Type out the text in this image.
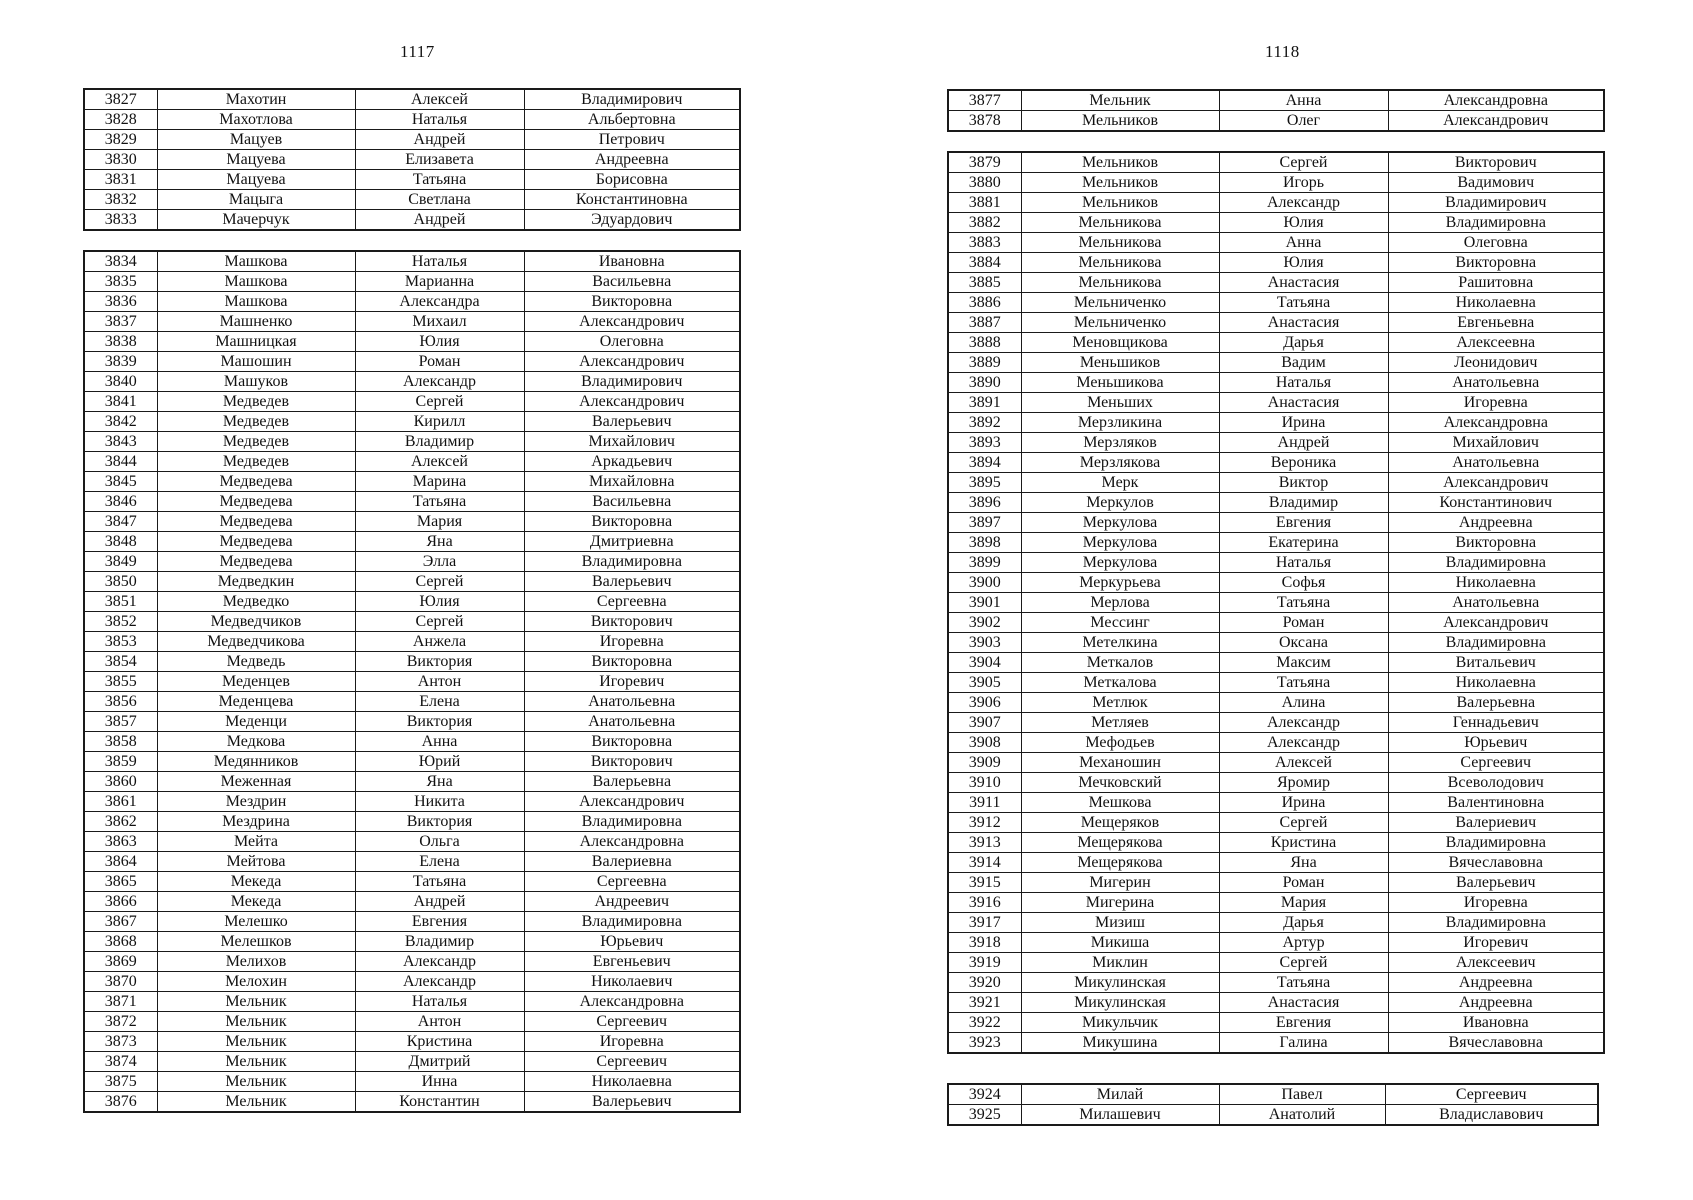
1117	1118
3827	Махотин	Алексей	Владимирович
3828	Махотлова	Наталья	Альбертовна
3829	Мацуев	Андрей	Петрович
3830	Мацуева	Елизавета	Андреевна
3831	Мацуева	Татьяна	Борисовна
3832	Мацыга	Светлана	Константиновна
3833	Мачерчук	Андрей	Эдуардович
3834	Машкова	Наталья	Ивановна
3835	Машкова	Марианна	Васильевна
3836	Машкова	Александра	Викторовна
3837	Машненко	Михаил	Александрович
3838	Машницкая	Юлия	Олеговна
3839	Машошин	Роман	Александрович
3840	Машуков	Александр	Владимирович
3841	Медведев	Сергей	Александрович
3842	Медведев	Кирилл	Валерьевич
3843	Медведев	Владимир	Михайлович
3844	Медведев	Алексей	Аркадьевич
3845	Медведева	Марина	Михайловна
3846	Медведева	Татьяна	Васильевна
3847	Медведева	Мария	Викторовна
3848	Медведева	Яна	Дмитриевна
3849	Медведева	Элла	Владимировна
3850	Медведкин	Сергей	Валерьевич
3851	Медведко	Юлия	Сергеевна
3852	Медведчиков	Сергей	Викторович
3853	Медведчикова	Анжела	Игоревна
3854	Медведь	Виктория	Викторовна
3855	Меденцев	Антон	Игоревич
3856	Меденцева	Елена	Анатольевна
3857	Меденци	Виктория	Анатольевна
3858	Медкова	Анна	Викторовна
3859	Медянников	Юрий	Викторович
3860	Меженная	Яна	Валерьевна
3861	Мездрин	Никита	Александрович
3862	Мездрина	Виктория	Владимировна
3863	Мейта	Ольга	Александровна
3864	Мейтова	Елена	Валериевна
3865	Мекеда	Татьяна	Сергеевна
3866	Мекеда	Андрей	Андреевич
3867	Мелешко	Евгения	Владимировна
3868	Мелешков	Владимир	Юрьевич
3869	Мелихов	Александр	Евгеньевич
3870	Мелохин	Александр	Николаевич
3871	Мельник	Наталья	Александровна
3872	Мельник	Антон	Сергеевич
3873	Мельник	Кристина	Игоревна
3874	Мельник	Дмитрий	Сергеевич
3875	Мельник	Инна	Николаевна
3876	Мельник	Константин	Валерьевич
3877	Мельник	Анна	Александровна
3878	Мельников	Олег	Александрович
3879	Мельников	Сергей	Викторович
3880	Мельников	Игорь	Вадимович
3881	Мельников	Александр	Владимирович
3882	Мельникова	Юлия	Владимировна
3883	Мельникова	Анна	Олеговна
3884	Мельникова	Юлия	Викторовна
3885	Мельникова	Анастасия	Рашитовна
3886	Мельниченко	Татьяна	Николаевна
3887	Мельниченко	Анастасия	Евгеньевна
3888	Меновщикова	Дарья	Алексеевна
3889	Меньшиков	Вадим	Леонидович
3890	Меньшикова	Наталья	Анатольевна
3891	Меньших	Анастасия	Игоревна
3892	Мерзликина	Ирина	Александровна
3893	Мерзляков	Андрей	Михайлович
3894	Мерзлякова	Вероника	Анатольевна
3895	Мерк	Виктор	Александрович
3896	Меркулов	Владимир	Константинович
3897	Меркулова	Евгения	Андреевна
3898	Меркулова	Екатерина	Викторовна
3899	Меркулова	Наталья	Владимировна
3900	Меркурьева	Софья	Николаевна
3901	Мерлова	Татьяна	Анатольевна
3902	Мессинг	Роман	Александрович
3903	Метелкина	Оксана	Владимировна
3904	Меткалов	Максим	Витальевич
3905	Меткалова	Татьяна	Николаевна
3906	Метлюк	Алина	Валерьевна
3907	Метляев	Александр	Геннадьевич
3908	Мефодьев	Александр	Юрьевич
3909	Механошин	Алексей	Сергеевич
3910	Мечковский	Яромир	Всеволодович
3911	Мешкова	Ирина	Валентиновна
3912	Мещеряков	Сергей	Валериевич
3913	Мещерякова	Кристина	Владимировна
3914	Мещерякова	Яна	Вячеславовна
3915	Мигерин	Роман	Валерьевич
3916	Мигерина	Мария	Игоревна
3917	Мизиш	Дарья	Владимировна
3918	Микиша	Артур	Игоревич
3919	Миклин	Сергей	Алексеевич
3920	Микулинская	Татьяна	Андреевна
3921	Микулинская	Анастасия	Андреевна
3922	Микульчик	Евгения	Ивановна
3923	Микушина	Галина	Вячеславовна
3924	Милай	Павел	Сергеевич
3925	Милашевич	Анатолий	Владиславович
